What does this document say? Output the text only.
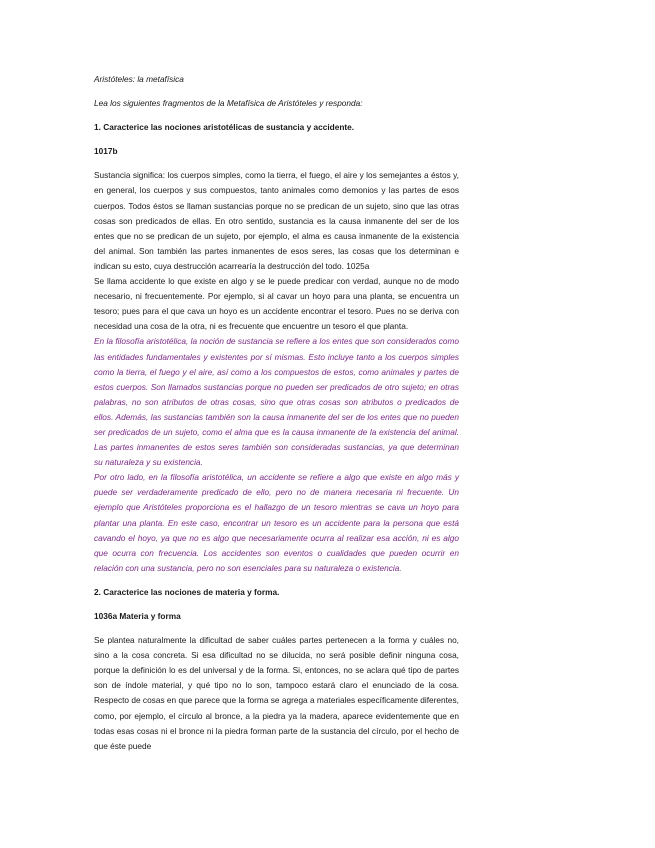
Aristóteles: la metafísica

Lea los siguientes fragmentos de la Metafísica de Aristóteles y responda:

1. Caracterice las nociones aristotélicas de sustancia y accidente.

1017b

Sustancia significa: los cuerpos simples, como la tierra, el fuego, el aire y los semejantes a éstos y, en general, los cuerpos y sus compuestos, tanto animales como demonios y las partes de esos cuerpos. Todos éstos se llaman sustancias porque no se predican de un sujeto, sino que las otras cosas son predicados de ellas. En otro sentido, sustancia es la causa inmanente del ser de los entes que no se predican de un sujeto, por ejemplo, el alma es causa inmanente de la existencia del animal. Son también las partes inmanentes de esos seres, las cosas que los determinan e indican su esto, cuya destrucción acarrearía la destrucción del todo. 1025a

Se llama accidente lo que existe en algo y se le puede predicar con verdad, aunque no de modo necesario, ni frecuentemente. Por ejemplo, si al cavar un hoyo para una planta, se encuentra un tesoro; pues para el que cava un hoyo es un accidente encontrar el tesoro. Pues no se deriva con necesidad una cosa de la otra, ni es frecuente que encuentre un tesoro el que planta.

En la filosofía aristotélica, la noción de sustancia se refiere a los entes que son considerados como las entidades fundamentales y existentes por sí mismas. Esto incluye tanto a los cuerpos simples como la tierra, el fuego y el aire, así como a los compuestos de estos, como animales y partes de estos cuerpos. Son llamados sustancias porque no pueden ser predicados de otro sujeto; en otras palabras, no son atributos de otras cosas, sino que otras cosas son atributos o predicados de ellos. Además, las sustancias también son la causa inmanente del ser de los entes que no pueden ser predicados de un sujeto, como el alma que es la causa inmanente de la existencia del animal. Las partes inmanentes de estos seres también son consideradas sustancias, ya que determinan su naturaleza y su existencia.

Por otro lado, en la filosofía aristotélica, un accidente se refiere a algo que existe en algo más y puede ser verdaderamente predicado de ello, pero no de manera necesaria ni frecuente. Un ejemplo que Aristóteles proporciona es el hallazgo de un tesoro mientras se cava un hoyo para plantar una planta. En este caso, encontrar un tesoro es un accidente para la persona que está cavando el hoyo, ya que no es algo que necesariamente ocurra al realizar esa acción, ni es algo que ocurra con frecuencia. Los accidentes son eventos o cualidades que pueden ocurrir en relación con una sustancia, pero no son esenciales para su naturaleza o existencia.

2. Caracterice las nociones de materia y forma.

1036a Materia y forma

Se plantea naturalmente la dificultad de saber cuáles partes pertenecen a la forma y cuáles no, sino a la cosa concreta. Si esa dificultad no se dilucida, no será posible definir ninguna cosa, porque la definición lo es del universal y de la forma. Si, entonces, no se aclara qué tipo de partes son de índole material, y qué tipo no lo son, tampoco estará claro el enunciado de la cosa. Respecto de cosas en que parece que la forma se agrega a materiales específicamente diferentes, como, por ejemplo, el círculo al bronce, a la piedra ya la madera, aparece evidentemente que en todas esas cosas ni el bronce ni la piedra forman parte de la sustancia del círculo, por el hecho de que éste puede
